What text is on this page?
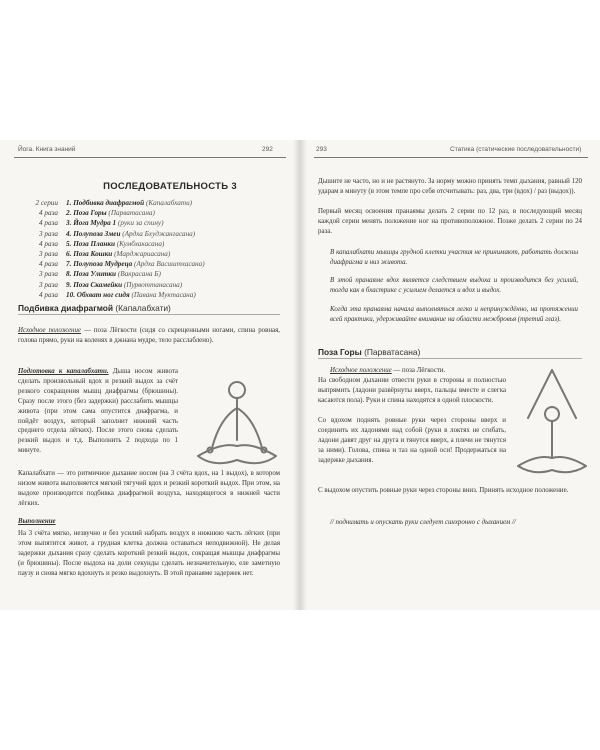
Йога. Книга знаний	292
ПОСЛЕДОВАТЕЛЬНОСТЬ 3
2 серии	1. Подбивка диафрагмой (Капалабхати)
4 раза	2. Поза Горы (Парватасана)
4 раза	3. Йога Мудра 1 (руки за спину)
3 раза	4. Полупоза Змеи (Ардха Бхуджангасана)
4 раза	5. Поза Планки (Кумбхакасана)
3 раза	6. Поза Кошки (Марджариасана)
4 раза	7. Полупоза Мудреца (Ардха Васиштхасана)
3 раза	8. Поза Улитки (Вакрасана Б)
3 раза	9. Поза Скамейки (Пурвоттанасана)
4 раза	10. Обхват ног сидя (Павана Муктасана)
Подбивка диафрагмой (Капалабхати)
Исходное положение — поза Лёгкости (сидя со скрещенными ногами, спина ровная, голова прямо, руки на коленях в джнана мудре, тело расслаблено).
Подготовка к капалабхати. Дыша носом живота сделать произвольный вдох и резкий выдох за счёт резкого сокращения мышц диафрагмы (брюшины). Сразу после этого (без задержки) расслабить мышцы живота (при этом сама опустится диафрагма, и пойдёт воздух, который заполнит нижний часть среднего отдела лёгких). После этого снова сделать резкий выдох и т.д. Выполнить 2 подхода по 1 минуте.
Капалабхати — это ритмичное дыхание носом (на 3 счёта вдох, на 1 выдох), в котором низом живота выполняется мягкий тягучий вдох и резкий короткий выдох. При этом, на выдохе производится подбивка диафрагмой воздуха, находящегося в нижней части лёгких.
Выполнение
На 3 счёта мягко, незвучно и без усилий набрать воздух в нижнюю часть лёгких (при этом выпятится живот, а грудная клетка должна оставаться неподвижной). Не делая задержки дыхания сразу сделать короткий резкий выдох, сокращая мышцы диафрагмы (и брюшины). После выдоха на доли секунды сделать незначительную, еле заметную паузу и снова мягко вдохнуть и резко выдохнуть. В этой пранаяме задержек нет.
293	Статика (статические последовательности)
Дышите не часто, но и не растянуто. За норму можно принять темп дыхания, равный 120 ударам в минуту (в этом темпе про себя отсчитывать: раз, два, три (вдох) / раз (выдох)).
Первый месяц освоения пранаямы делать 2 серии по 12 раз, в последующий месяц каждой серии менять положение ног на противоположное. Позже делать 2 серии по 24 раза.
В капалабхати мышцы грудной клетки участия не принимают, работать должны диафрагма и низ живота.
В этой пранаяме вдох является следствием выдоха и производится без усилий, тогда как в бхастрике с усилием делается и вдох и выдох.
Когда эта пранаяма начала выполняться легко и непринуждённо, на протяжении всей практики, удерживайте внимание на области межбровья (третий глаз).
Поза Горы (Парватасана)
Исходное положение — поза Лёгкости.
На свободном дыхании отвести руки в стороны и полностью выпрямить (ладони развёрнуты вверх, пальцы вместе и слегка касаются пола). Руки и спина находятся в одной плоскости.
Со вдохом поднять ровные руки через стороны вверх и соединить их ладонями над собой (руки в локтях не сгибать, ладони давят друг на друга и тянутся вверх, а плечи не тянутся за ними). Голова, спина и таз на одной оси! Продержаться на задержке дыхания.
С выдохом опустить ровные руки через стороны вниз. Принять исходное положение.
// поднимать и опускать руки следует синхронно с дыханием //
